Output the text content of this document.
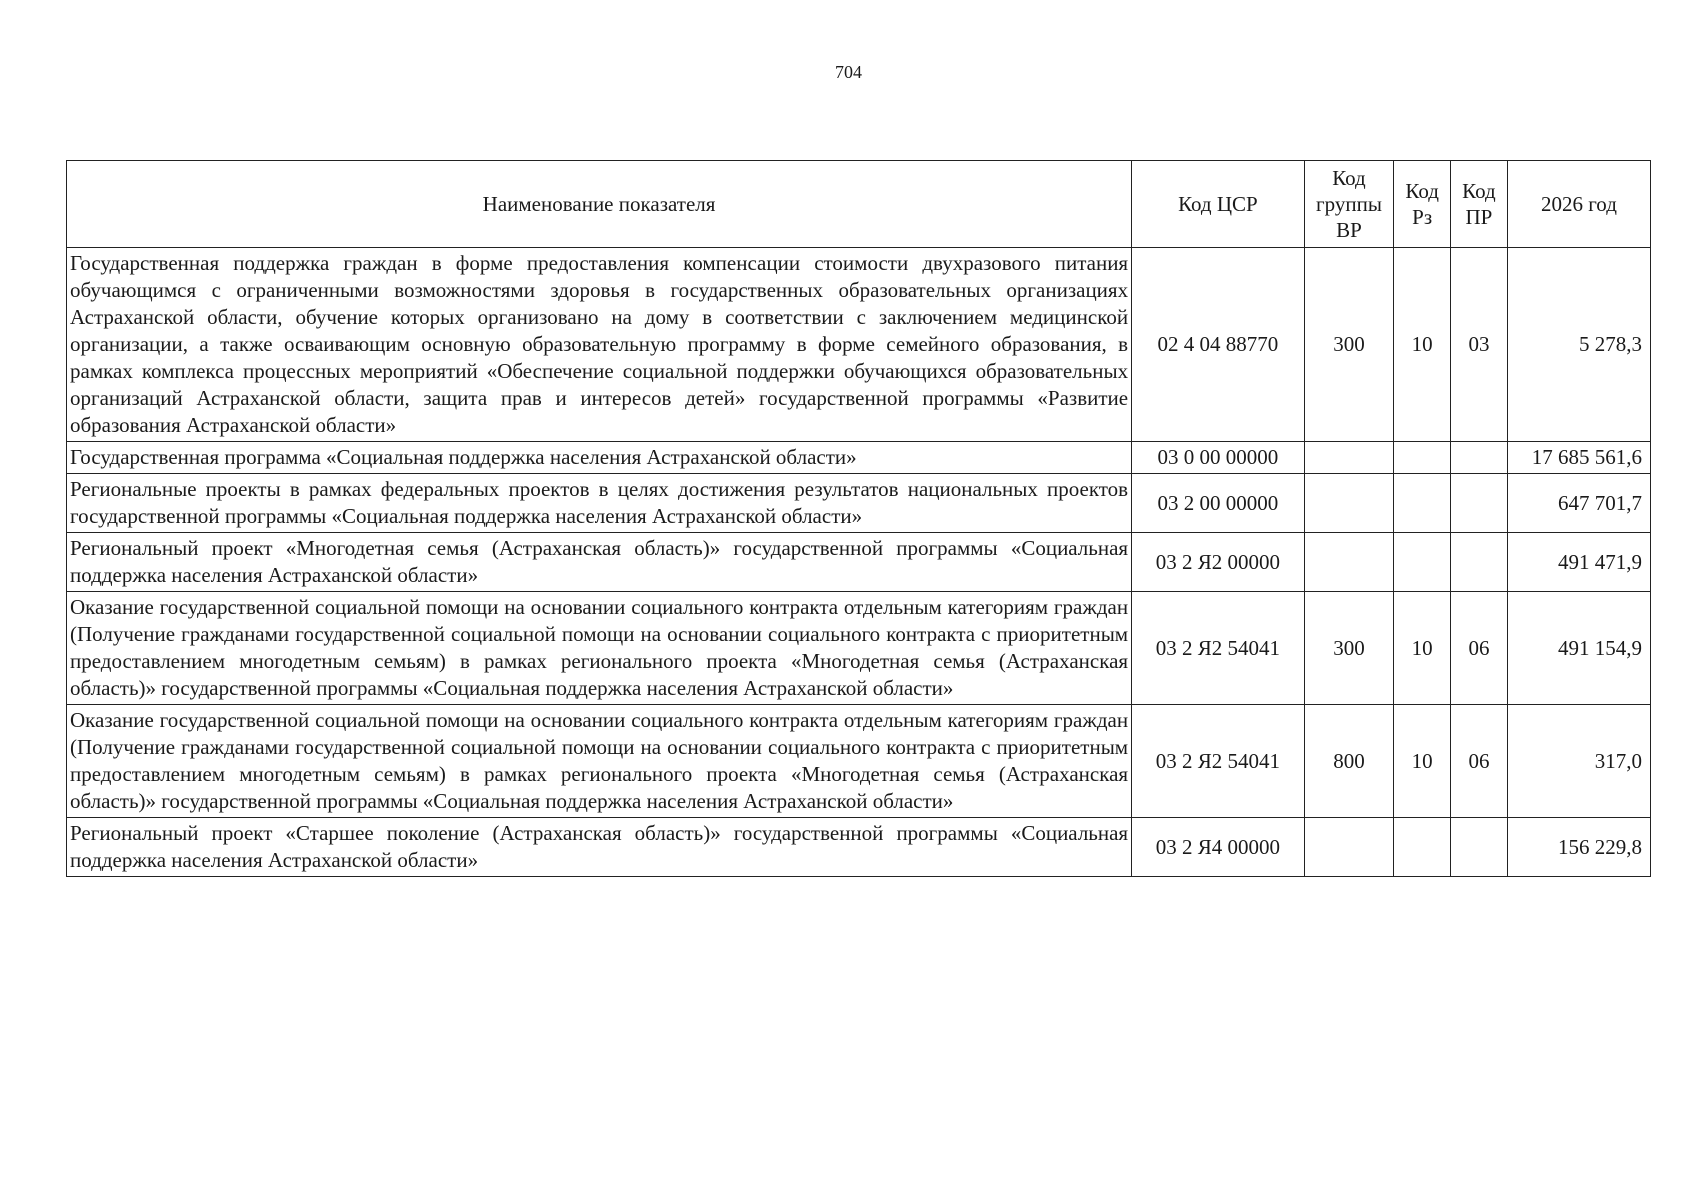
704
Наименование показателя	Код ЦСР	Код группы ВР	Код Рз	Код ПР	2026 год
Государственная поддержка граждан в форме предоставления компенсации стоимости двухразового питания обучающимся с ограниченными возможностями здоровья в государственных образовательных организациях Астраханской области, обучение которых организовано на дому в соответствии с заключением медицинской организации, а также осваивающим основную образовательную программу в форме семейного образования, в рамках комплекса процессных мероприятий «Обеспечение социальной поддержки обучающихся образовательных организаций Астраханской области, защита прав и интересов детей» государственной программы «Развитие образования Астраханской области»	02 4 04 88770	300	10	03	5 278,3
Государственная программа «Социальная поддержка населения Астраханской области»	03 0 00 00000				17 685 561,6
Региональные проекты в рамках федеральных проектов в целях достижения результатов национальных проектов государственной программы «Социальная поддержка населения Астраханской области»	03 2 00 00000				647 701,7
Региональный проект «Многодетная семья (Астраханская область)» государственной программы «Социальная поддержка населения Астраханской области»	03 2 Я2 00000				491 471,9
Оказание государственной социальной помощи на основании социального контракта отдельным категориям граждан (Получение гражданами государственной социальной помощи на основании социального контракта с приоритетным предоставлением многодетным семьям) в рамках регионального проекта «Многодетная семья (Астраханская область)» государственной программы «Социальная поддержка населения Астраханской области»	03 2 Я2 54041	300	10	06	491 154,9
Оказание государственной социальной помощи на основании социального контракта отдельным категориям граждан (Получение гражданами государственной социальной помощи на основании социального контракта с приоритетным предоставлением многодетным семьям) в рамках регионального проекта «Многодетная семья (Астраханская область)» государственной программы «Социальная поддержка населения Астраханской области»	03 2 Я2 54041	800	10	06	317,0
Региональный проект «Старшее поколение (Астраханская область)» государственной программы «Социальная поддержка населения Астраханской области»	03 2 Я4 00000				156 229,8
